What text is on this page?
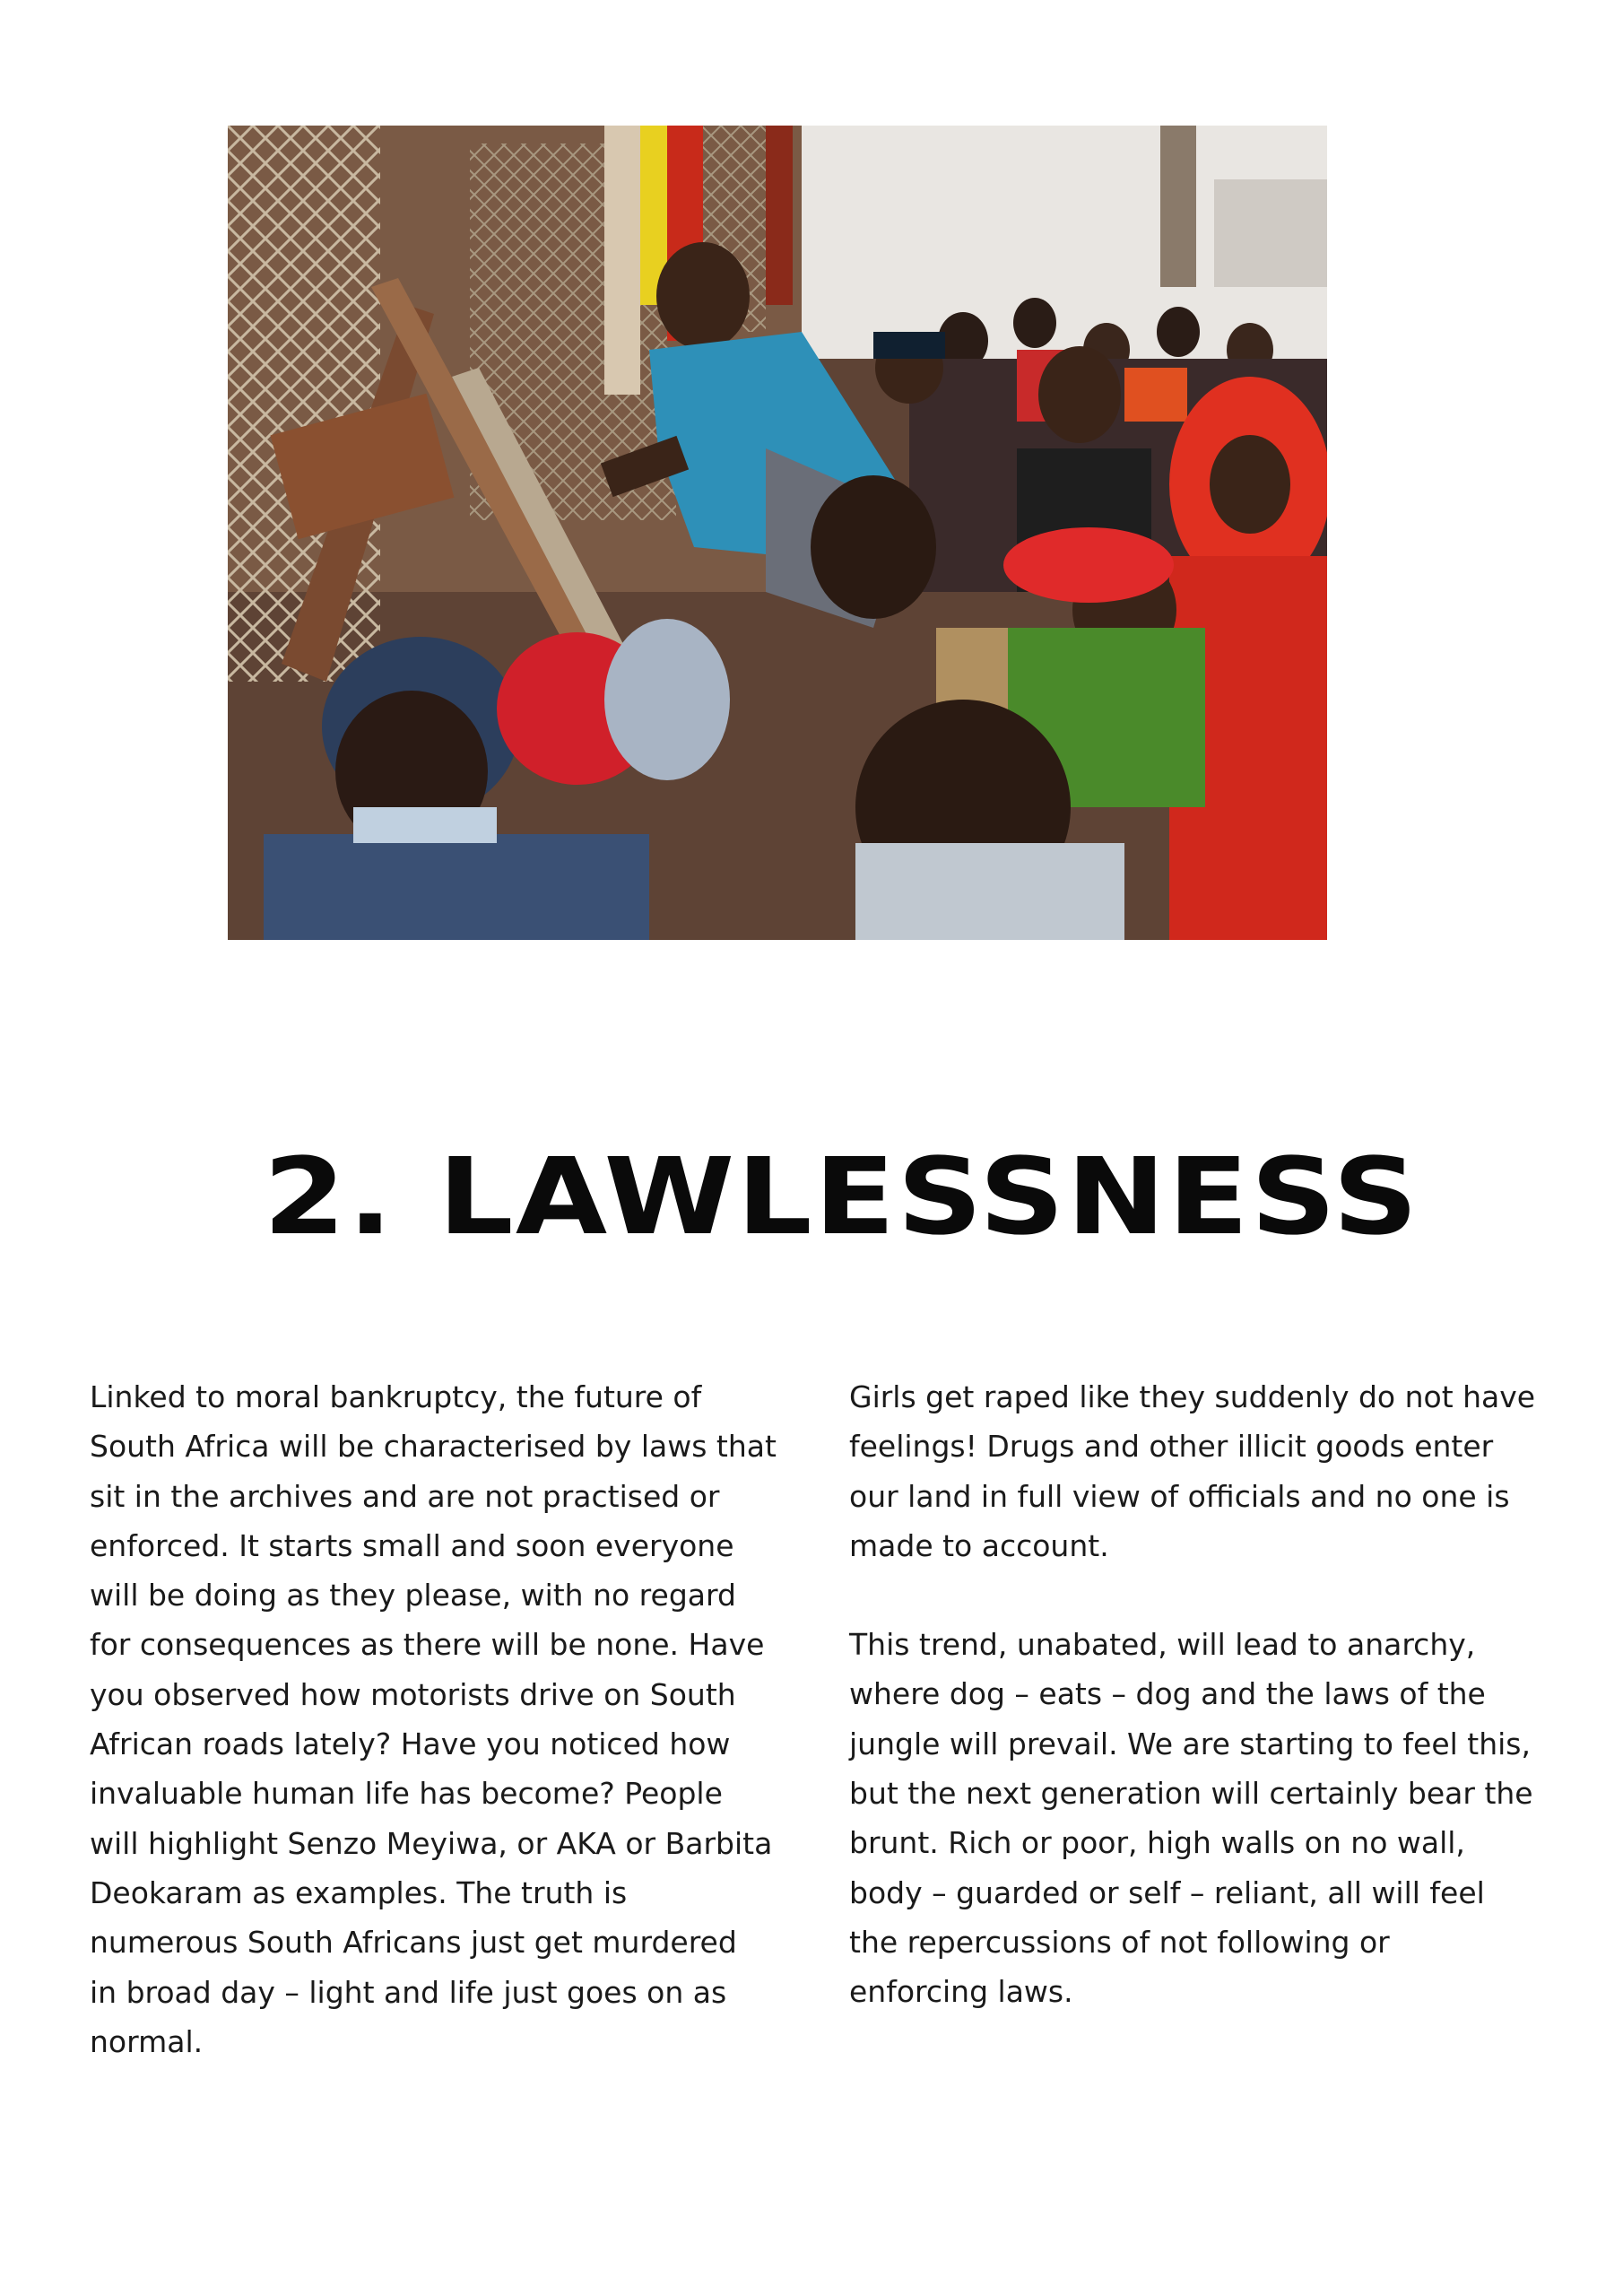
2. LAWLESSNESS

Linked to moral bankruptcy, the future of
South Africa will be characterised by laws that
sit in the archives and are not practised or
enforced. It starts small and soon everyone
will be doing as they please, with no regard
for consequences as there will be none. Have
you observed how motorists drive on South
African roads lately? Have you noticed how
invaluable human life has become? People
will highlight Senzo Meyiwa, or AKA or Barbita
Deokaram as examples. The truth is
numerous South Africans just get murdered
in broad day – light and life just goes on as
normal.

Girls get raped like they suddenly do not have
feelings! Drugs and other illicit goods enter
our land in full view of officials and no one is
made to account.

This trend, unabated, will lead to anarchy,
where dog – eats – dog and the laws of the
jungle will prevail. We are starting to feel this,
but the next generation will certainly bear the
brunt. Rich or poor, high walls on no wall,
body – guarded or self – reliant, all will feel
the repercussions of not following or
enforcing laws.
